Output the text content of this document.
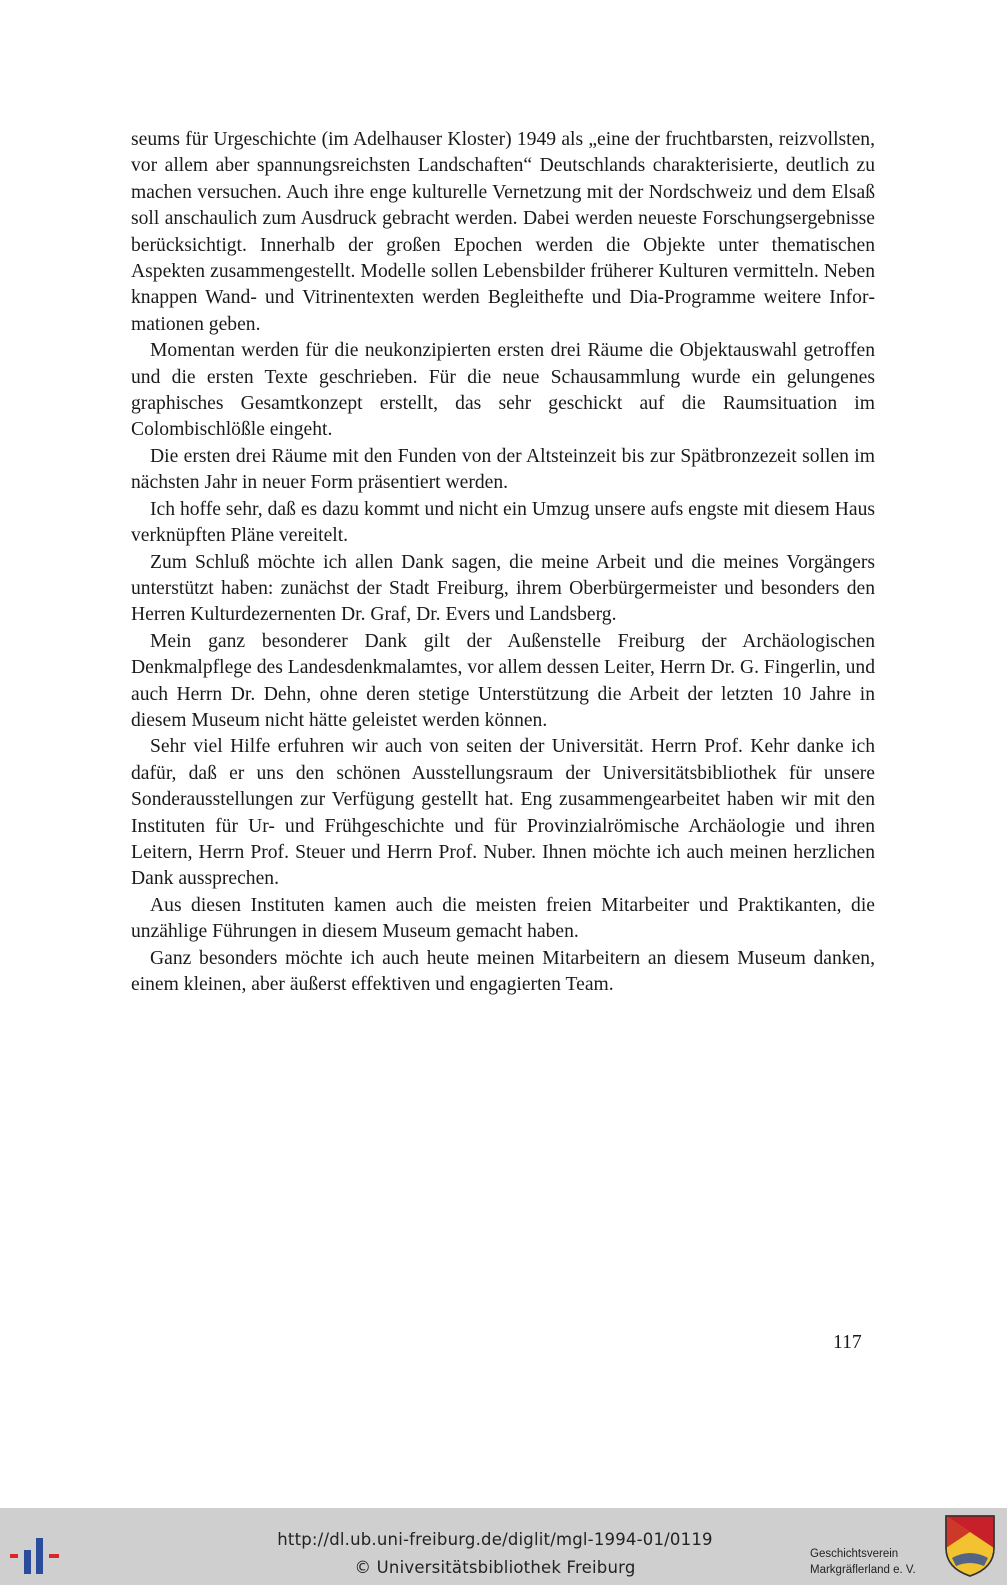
seums für Urgeschichte (im Adelhauser Kloster) 1949 als „eine der fruchtbarsten, reizvollsten, vor allem aber spannungsreichsten Landschaften“ Deutschlands charakterisierte, deutlich zu machen versuchen. Auch ihre enge kulturelle Vernetzung mit der Nordschweiz und dem Elsaß soll anschaulich zum Ausdruck gebracht werden. Dabei werden neueste Forschungsergebnisse berücksichtigt. Innerhalb der großen Epochen werden die Objekte unter thematischen Aspekten zusammengestellt. Modelle sollen Lebensbilder früherer Kulturen vermitteln. Neben knappen Wand- und Vitrinentexten werden Begleithefte und Dia-Programme weitere Informationen geben.

Momentan werden für die neukonzipierten ersten drei Räume die Objektauswahl getroffen und die ersten Texte geschrieben. Für die neue Schausammlung wurde ein gelungenes graphisches Gesamtkonzept erstellt, das sehr geschickt auf die Raumsituation im Colombischlößle eingeht.

Die ersten drei Räume mit den Funden von der Altsteinzeit bis zur Spätbronzezeit sollen im nächsten Jahr in neuer Form präsentiert werden.

Ich hoffe sehr, daß es dazu kommt und nicht ein Umzug unsere aufs engste mit diesem Haus verknüpften Pläne vereitelt.

Zum Schluß möchte ich allen Dank sagen, die meine Arbeit und die meines Vorgängers unterstützt haben: zunächst der Stadt Freiburg, ihrem Oberbürgermeister und besonders den Herren Kulturdezernenten Dr. Graf, Dr. Evers und Landsberg.

Mein ganz besonderer Dank gilt der Außenstelle Freiburg der Archäologischen Denkmalpflege des Landesdenkmalamtes, vor allem dessen Leiter, Herrn Dr. G. Fingerlin, und auch Herrn Dr. Dehn, ohne deren stetige Unterstützung die Arbeit der letzten 10 Jahre in diesem Museum nicht hätte geleistet werden können.

Sehr viel Hilfe erfuhren wir auch von seiten der Universität. Herrn Prof. Kehr danke ich dafür, daß er uns den schönen Ausstellungsraum der Universitätsbibliothek für unsere Sonderausstellungen zur Verfügung gestellt hat. Eng zusammengearbeitet haben wir mit den Instituten für Ur- und Frühgeschichte und für Provinzialrömische Archäologie und ihren Leitern, Herrn Prof. Steuer und Herrn Prof. Nuber. Ihnen möchte ich auch meinen herzlichen Dank aussprechen.

Aus diesen Instituten kamen auch die meisten freien Mitarbeiter und Praktikanten, die unzählige Führungen in diesem Museum gemacht haben.

Ganz besonders möchte ich auch heute meinen Mitarbeitern an diesem Museum danken, einem kleinen, aber äußerst effektiven und engagierten Team.

117
http://dl.ub.uni-freiburg.de/diglit/mgl-1994-01/0119
© Universitätsbibliothek Freiburg
Geschichtsverein
Markgräflerland e. V.
